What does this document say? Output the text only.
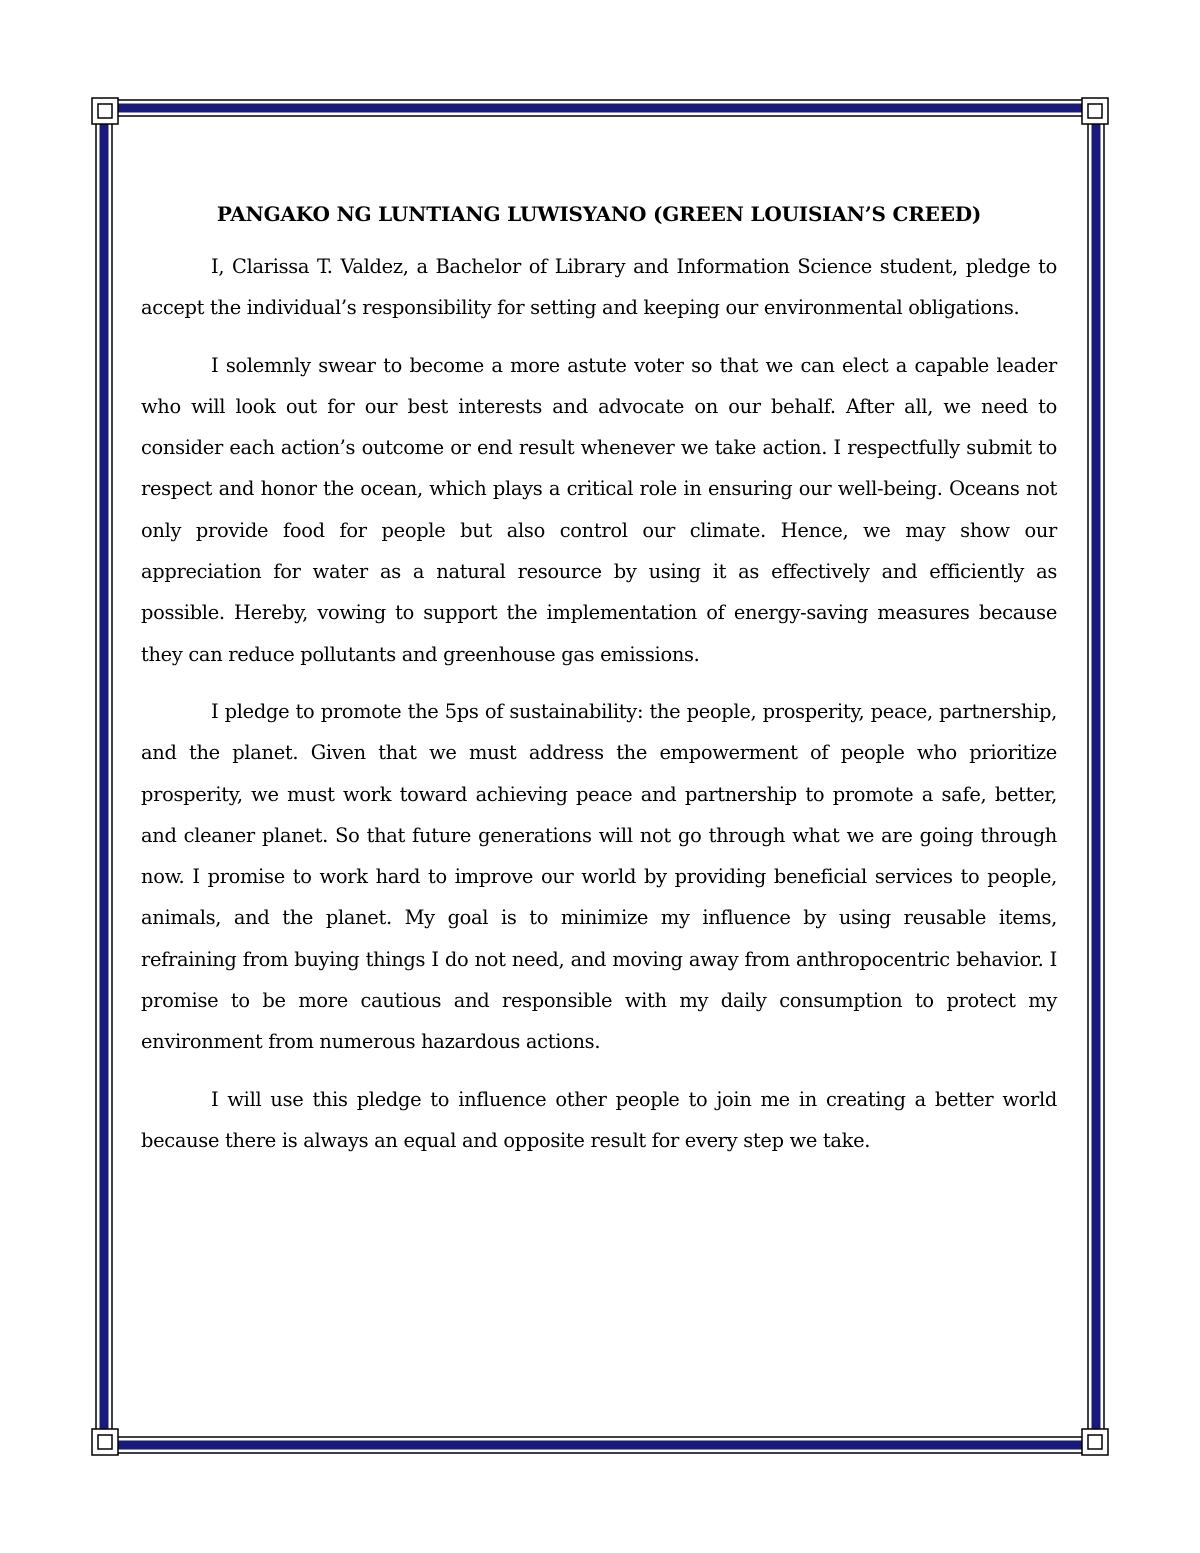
PANGAKO NG LUNTIANG LUWISYANO (GREEN LOUISIAN’S CREED)

I, Clarissa T. Valdez, a Bachelor of Library and Information Science student, pledge to accept the individual’s responsibility for setting and keeping our environmental obligations.

I solemnly swear to become a more astute voter so that we can elect a capable leader who will look out for our best interests and advocate on our behalf. After all, we need to consider each action’s outcome or end result whenever we take action. I respectfully submit to respect and honor the ocean, which plays a critical role in ensuring our well-being. Oceans not only provide food for people but also control our climate. Hence, we may show our appreciation for water as a natural resource by using it as effectively and efficiently as possible. Hereby, vowing to support the implementation of energy-saving measures because they can reduce pollutants and greenhouse gas emissions.

I pledge to promote the 5ps of sustainability: the people, prosperity, peace, partnership, and the planet. Given that we must address the empowerment of people who prioritize prosperity, we must work toward achieving peace and partnership to promote a safe, better, and cleaner planet. So that future generations will not go through what we are going through now. I promise to work hard to improve our world by providing beneficial services to people, animals, and the planet. My goal is to minimize my influence by using reusable items, refraining from buying things I do not need, and moving away from anthropocentric behavior. I promise to be more cautious and responsible with my daily consumption to protect my environment from numerous hazardous actions.

I will use this pledge to influence other people to join me in creating a better world because there is always an equal and opposite result for every step we take.
